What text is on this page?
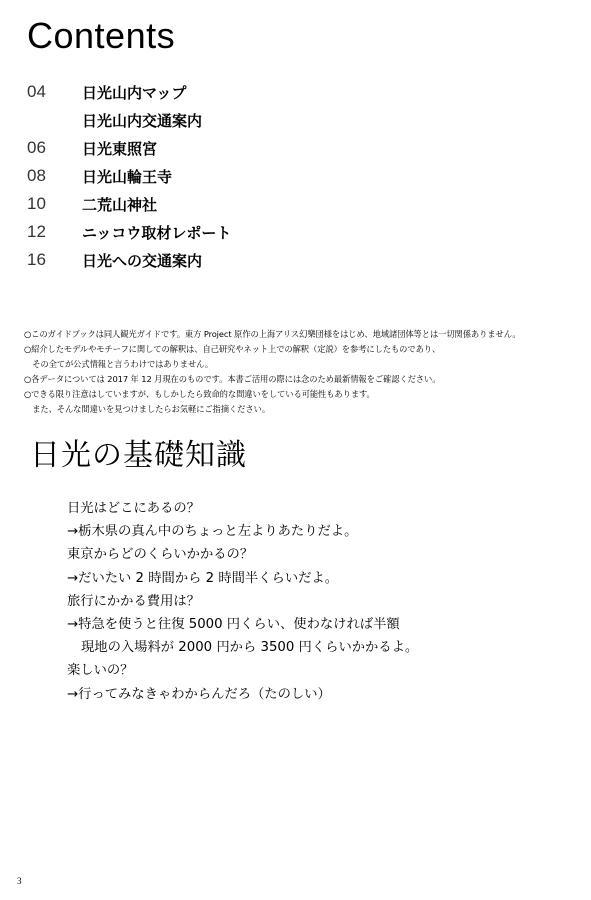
Contents
04 日光山内マップ
日光山内交通案内
06 日光東照宮
08 日光山輪王寺
10 二荒山神社
12 ニッコウ取材レポート
16 日光への交通案内
○このガイドブックは同人観光ガイドです。東方 Project 原作の上海アリス幻樂団様をはじめ、地域諸団体等とは一切関係ありません。
○紹介したモデルやモチーフに関しての解釈は、自己研究やネット上での解釈（定説）を参考にしたものであり、
　その全てが公式情報と言うわけではありません。
○各データについては 2017 年 12 月現在のものです。本書ご活用の際には念のため最新情報をご確認ください。
○できる限り注意はしていますが、もしかしたら致命的な間違いをしている可能性もあります。
　また、そんな間違いを見つけましたらお気軽にご指摘ください。
日光の基礎知識
日光はどこにあるの？
→栃木県の真ん中のちょっと左よりあたりだよ。
東京からどのくらいかかるの？
→だいたい 2 時間から 2 時間半くらいだよ。
旅行にかかる費用は？
→特急を使うと往復 5000 円くらい、使わなければ半額
現地の入場料が 2000 円から 3500 円くらいかかるよ。
楽しいの？
→行ってみなきゃわからんだろ（たのしい）
3
